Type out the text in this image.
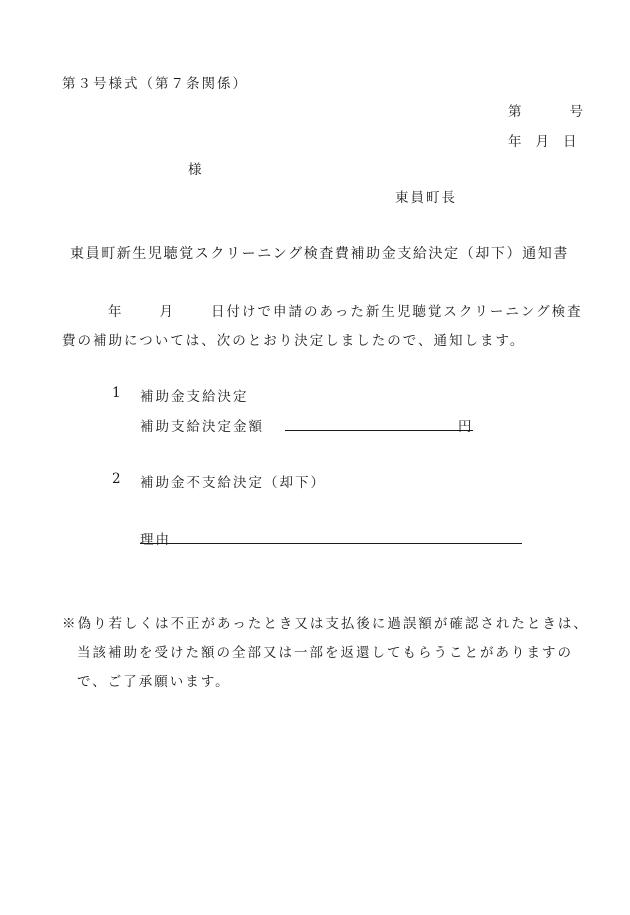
第３号様式（第７条関係）
第	号
年 月 日
様
東員町長
東員町新生児聴覚スクリーニング検査費補助金支給決定（却下）通知書
年	月	日付けで申請のあった新生児聴覚スクリーニング検査
費の補助については、次のとおり決定しましたので、通知します。
1 補助金支給決定
補助支給決定金額	円
2 補助金不支給決定（却下）
理由
※偽り若しくは不正があったとき又は支払後に過誤額が確認されたときは、
当該補助を受けた額の全部又は一部を返還してもらうことがありますの
で、ご了承願います。
